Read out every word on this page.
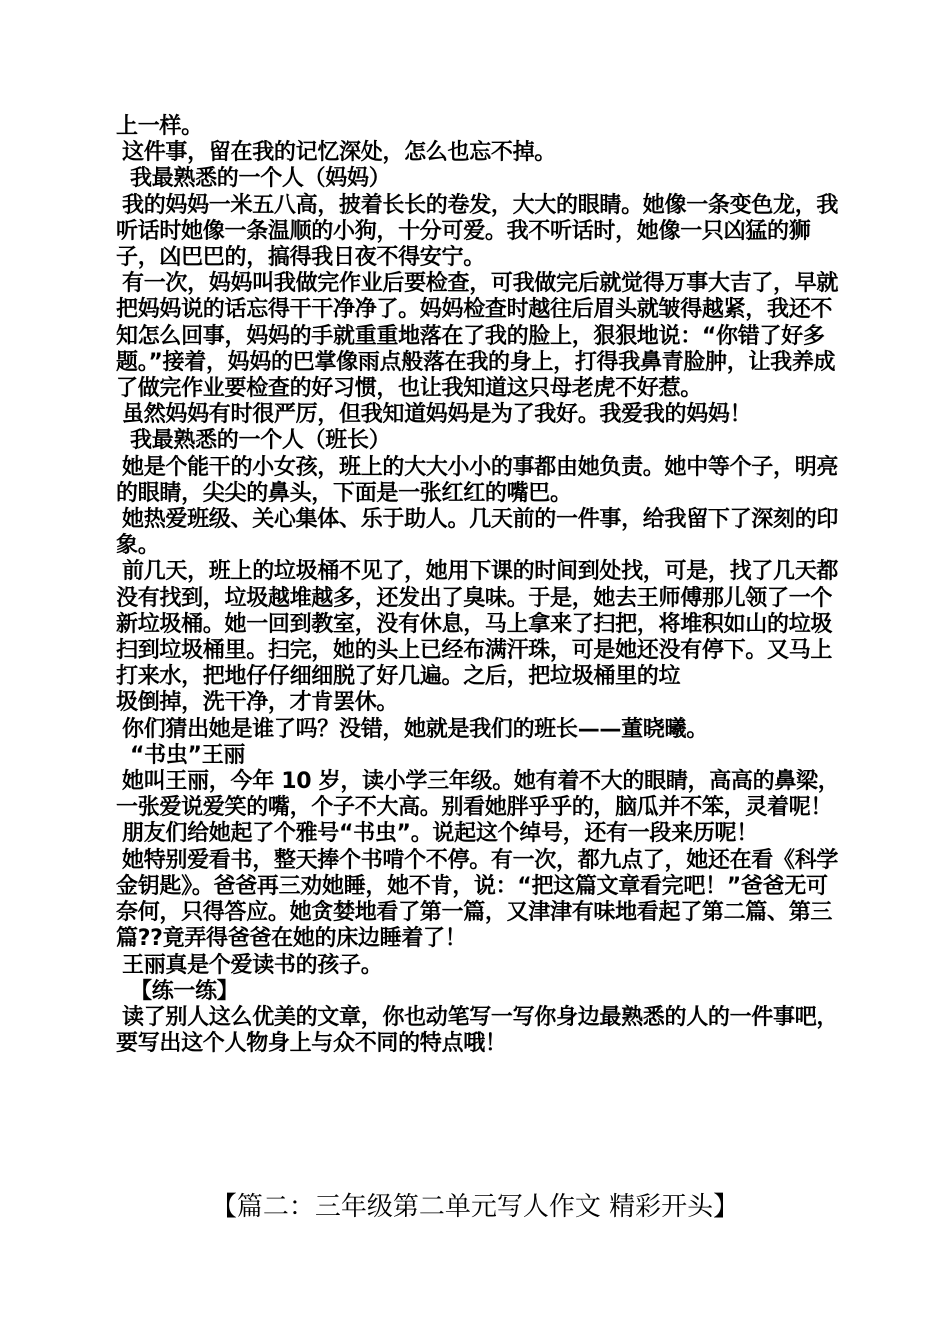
上一样。

这件事，留在我的记忆深处，怎么也忘不掉。

我最熟悉的一个人（妈妈）

我的妈妈一米五八高，披着长长的卷发，大大的眼睛。她像一条变色龙，我听话时她像一条温顺的小狗，十分可爱。我不听话时，她像一只凶猛的狮子，凶巴巴的，搞得我日夜不得安宁。

有一次，妈妈叫我做完作业后要检查，可我做完后就觉得万事大吉了，早就把妈妈说的话忘得干干净净了。妈妈检查时越往后眉头就皱得越紧，我还不知怎么回事，妈妈的手就重重地落在了我的脸上，狠狠地说：“你错了好多题。”接着，妈妈的巴掌像雨点般落在我的身上，打得我鼻青脸肿，让我养成了做完作业要检查的好习惯，也让我知道这只母老虎不好惹。

虽然妈妈有时很严厉，但我知道妈妈是为了我好。我爱我的妈妈！

我最熟悉的一个人（班长）

她是个能干的小女孩，班上的大大小小的事都由她负责。她中等个子，明亮的眼睛，尖尖的鼻头，下面是一张红红的嘴巴。

她热爱班级、关心集体、乐于助人。几天前的一件事，给我留下了深刻的印象。

前几天，班上的垃圾桶不见了，她用下课的时间到处找，可是，找了几天都没有找到，垃圾越堆越多，还发出了臭味。于是，她去王师傅那儿领了一个新垃圾桶。她一回到教室，没有休息，马上拿来了扫把，将堆积如山的垃圾扫到垃圾桶里。扫完，她的头上已经布满汗珠，可是她还没有停下。又马上打来水，把地仔仔细细脱了好几遍。之后，把垃圾桶里的垃

圾倒掉，洗干净，才肯罢休。

你们猜出她是谁了吗？没错，她就是我们的班长——董晓曦。

“书虫”王丽

她叫王丽，今年 10 岁，读小学三年级。她有着不大的眼睛，高高的鼻梁，一张爱说爱笑的嘴，个子不大高。别看她胖乎乎的，脑瓜并不笨，灵着呢！

朋友们给她起了个雅号“书虫”。说起这个绰号，还有一段来历呢！

她特别爱看书，整天捧个书啃个不停。有一次，都九点了，她还在看《科学金钥匙》。爸爸再三劝她睡，她不肯，说：“把这篇文章看完吧！”爸爸无可奈何，只得答应。她贪婪地看了第一篇，又津津有味地看起了第二篇、第三篇??竟弄得爸爸在她的床边睡着了！

王丽真是个爱读书的孩子。

【练一练】

读了别人这么优美的文章，你也动笔写一写你身边最熟悉的人的一件事吧，要写出这个人物身上与众不同的特点哦！

【篇二：三年级第二单元写人作文 精彩开头】
